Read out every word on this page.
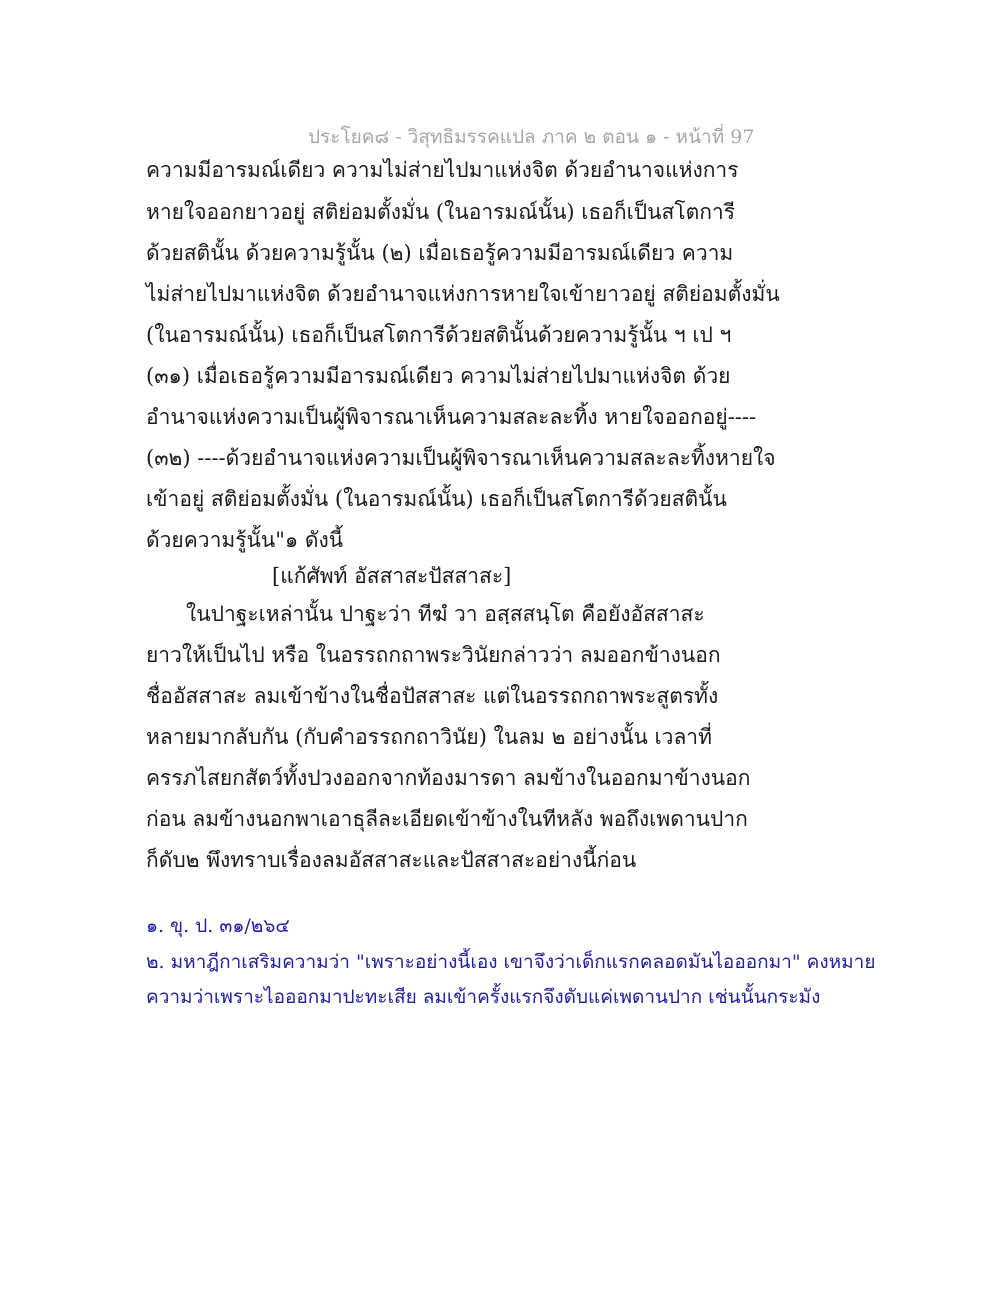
ประโยค๘ - วิสุทธิมรรคแปล ภาค ๒ ตอน ๑ - หน้าที่ 97
ความมีอารมณ์เดียว ความไม่ส่ายไปมาแห่งจิต ด้วยอำนาจแห่งการ
หายใจออกยาวอยู่ สติย่อมตั้งมั่น (ในอารมณ์นั้น) เธอก็เป็นสโตการี
ด้วยสตินั้น ด้วยความรู้นั้น (๒) เมื่อเธอรู้ความมีอารมณ์เดียว ความ
ไม่ส่ายไปมาแห่งจิต ด้วยอำนาจแห่งการหายใจเข้ายาวอยู่ สติย่อมตั้งมั่น
(ในอารมณ์นั้น) เธอก็เป็นสโตการีด้วยสตินั้นด้วยความรู้นั้น ฯ เป ฯ
(๓๑) เมื่อเธอรู้ความมีอารมณ์เดียว ความไม่ส่ายไปมาแห่งจิต ด้วย
อำนาจแห่งความเป็นผู้พิจารณาเห็นความสละละทิ้ง หายใจออกอยู่----
(๓๒) ----ด้วยอำนาจแห่งความเป็นผู้พิจารณาเห็นความสละละทิ้งหายใจ
เข้าอยู่ สติย่อมตั้งมั่น (ในอารมณ์นั้น) เธอก็เป็นสโตการีด้วยสตินั้น
ด้วยความรู้นั้น"๑ ดังนี้
[แก้ศัพท์ อัสสาสะปัสสาสะ]
ในปาฐะเหล่านั้น ปาฐะว่า ทีฆํ วา อสฺสสนฺโต คือยังอัสสาสะ
ยาวให้เป็นไป หรือ ในอรรถกถาพระวินัยกล่าวว่า ลมออกข้างนอก
ชื่ออัสสาสะ ลมเข้าข้างในชื่อปัสสาสะ แต่ในอรรถกถาพระสูตรทั้ง
หลายมากลับกัน (กับคำอรรถกถาวินัย) ในลม ๒ อย่างนั้น เวลาที่
ครรภไสยกสัตว์ทั้งปวงออกจากท้องมารดา ลมข้างในออกมาข้างนอก
ก่อน ลมข้างนอกพาเอาธุลีละเอียดเข้าข้างในทีหลัง พอถึงเพดานปาก
ก็ดับ๒ พึงทราบเรื่องลมอัสสาสะและปัสสาสะอย่างนี้ก่อน
๑. ขุ. ป. ๓๑/๒๖๔
๒. มหาฎีกาเสริมความว่า "เพราะอย่างนี้เอง เขาจึงว่าเด็กแรกคลอดมันไอออกมา" คงหมาย
ความว่าเพราะไอออกมาปะทะเสีย ลมเข้าครั้งแรกจึงดับแค่เพดานปาก เช่นนั้นกระมัง
